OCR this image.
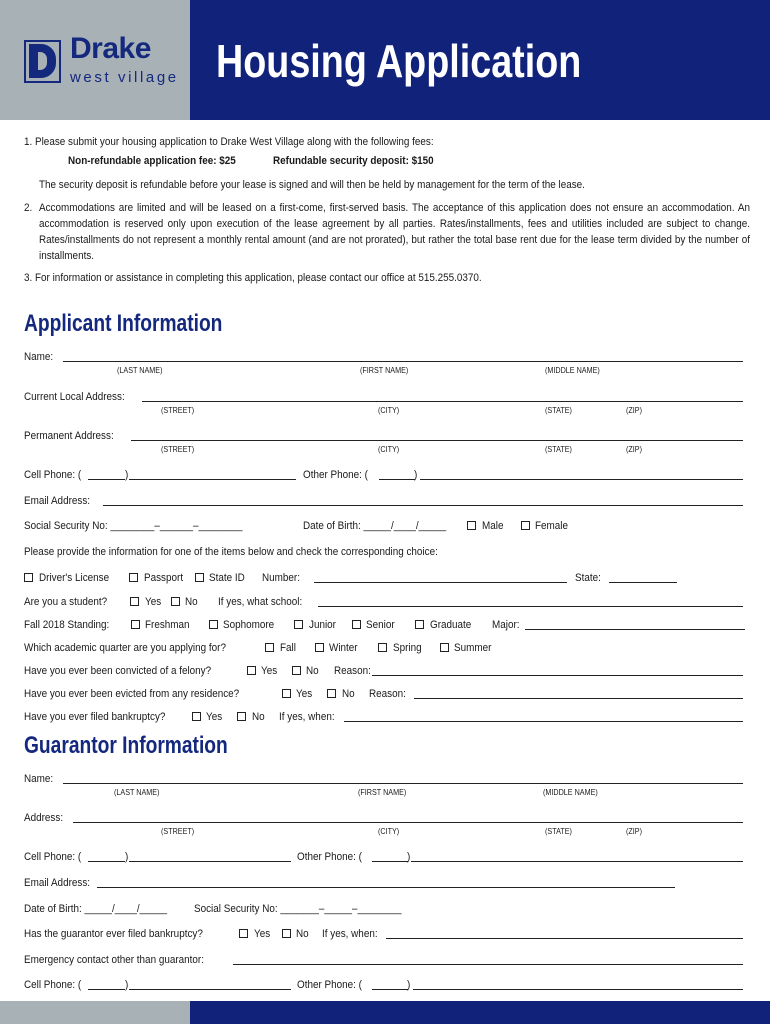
Drake
west village Housing Application
1. Please submit your housing application to Drake West Village along with the following fees:
Non-refundable application fee: $25	Refundable security deposit: $150
The security deposit is refundable before your lease is signed and will then be held by management for the term of the lease.
2. Accommodations are limited and will be leased on a first-come, first-served basis. The acceptance of this application does not ensure an accommodation. An accommodation is reserved only upon execution of the lease agreement by all parties. Rates/installments, fees and utilities included are subject to change. Rates/installments do not represent a monthly rental amount (and are not prorated), but rather the total base rent due for the lease term divided by the number of installments.
3. For information or assistance in completing this application, please contact our office at 515.255.0370.
Applicant Information
Name:
(LAST NAME)	(FIRST NAME)	(MIDDLE NAME)
Current Local Address:
(STREET)	(CITY)	(STATE)	(ZIP)
Permanent Address:
(STREET)	(CITY)	(STATE)	(ZIP)
Cell Phone: (	)	Other Phone: (	)
Email Address:
Social Security No: ________–______–________	Date of Birth: _____/____/_____	Male	Female
Please provide the information for one of the items below and check the corresponding choice:
Driver's License	Passport State ID Number:	State:
Are you a student?	Yes No If yes, what school:
Fall 2018 Standing:	Freshman	Sophomore	Junior	Senior	Graduate Major:
Which academic quarter are you applying for?	Fall	Winter	Spring	Summer
Have you ever been convicted of a felony?	Yes	No Reason:
Have you ever been evicted from any residence?	Yes	No Reason:
Have you ever filed bankruptcy?	Yes	No If yes, when:
Guarantor Information
Name:
(LAST NAME)	(FIRST NAME)	(MIDDLE NAME)
Address:
(STREET)	(CITY)	(STATE)	(ZIP)
Cell Phone: (	)	Other Phone: (	)
Email Address:
Date of Birth: _____/____/_____ Social Security No: _______–_____–________
Has the guarantor ever filed bankruptcy?	Yes No If yes, when:
Emergency contact other than guarantor:
Cell Phone: (	)	Other Phone: (	)
